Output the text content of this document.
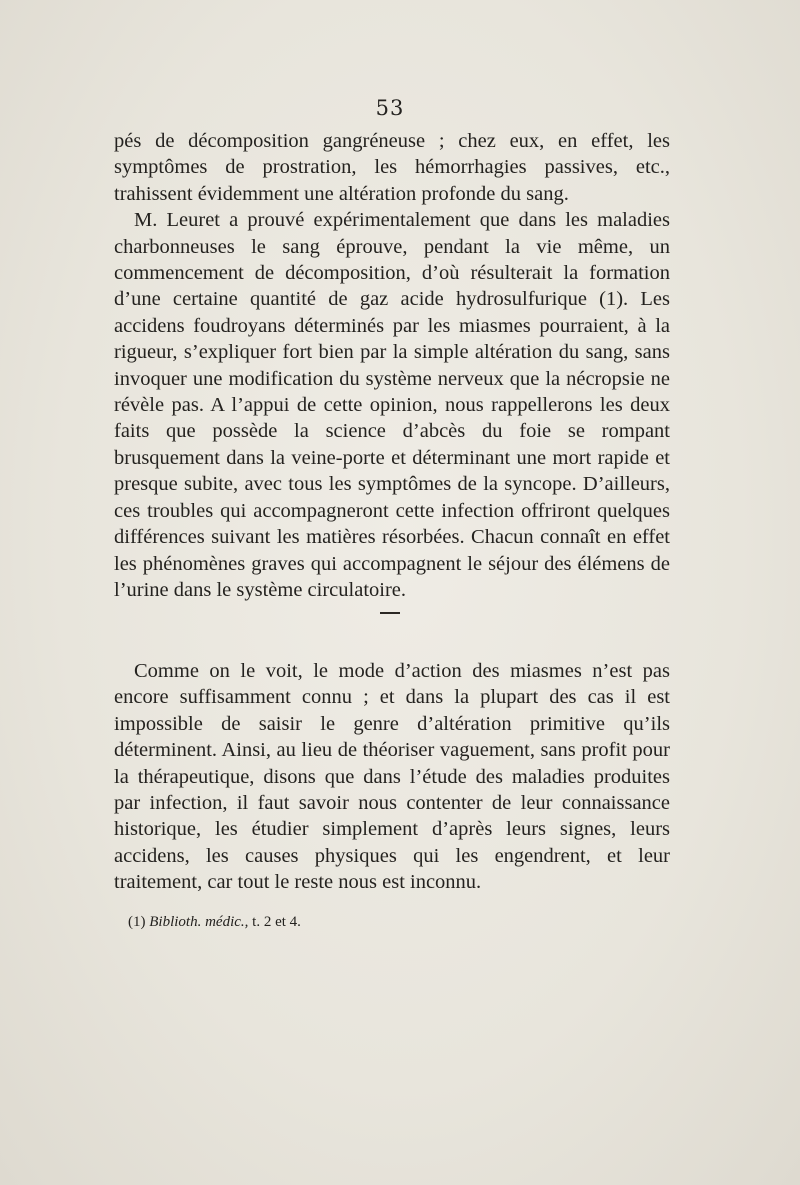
53

pés de décomposition gangréneuse ; chez eux, en effet, les symptômes de prostration, les hémorrhagies passives, etc., trahissent évidemment une altération profonde du sang.

M. Leuret a prouvé expérimentalement que dans les maladies charbonneuses le sang éprouve, pendant la vie même, un commencement de décomposition, d’où résulterait la formation d’une certaine quantité de gaz acide hydrosulfurique (1). Les accidens foudroyans déterminés par les miasmes pourraient, à la rigueur, s’expliquer fort bien par la simple altération du sang, sans invoquer une modification du système nerveux que la nécropsie ne révèle pas. A l’appui de cette opinion, nous rappellerons les deux faits que possède la science d’abcès du foie se rompant brusquement dans la veine-porte et déterminant une mort rapide et presque subite, avec tous les symptômes de la syncope. D’ailleurs, ces troubles qui accompagneront cette infection offriront quelques différences suivant les matières résorbées. Chacun connaît en effet les phénomènes graves qui accompagnent le séjour des élémens de l’urine dans le système circulatoire.

Comme on le voit, le mode d’action des miasmes n’est pas encore suffisamment connu ; et dans la plupart des cas il est impossible de saisir le genre d’altération primitive qu’ils déterminent. Ainsi, au lieu de théoriser vaguement, sans profit pour la thérapeutique, disons que dans l’étude des maladies produites par infection, il faut savoir nous contenter de leur connaissance historique, les étudier simplement d’après leurs signes, leurs accidens, les causes physiques qui les engendrent, et leur traitement, car tout le reste nous est inconnu.

(1) Biblioth. médic., t. 2 et 4.
